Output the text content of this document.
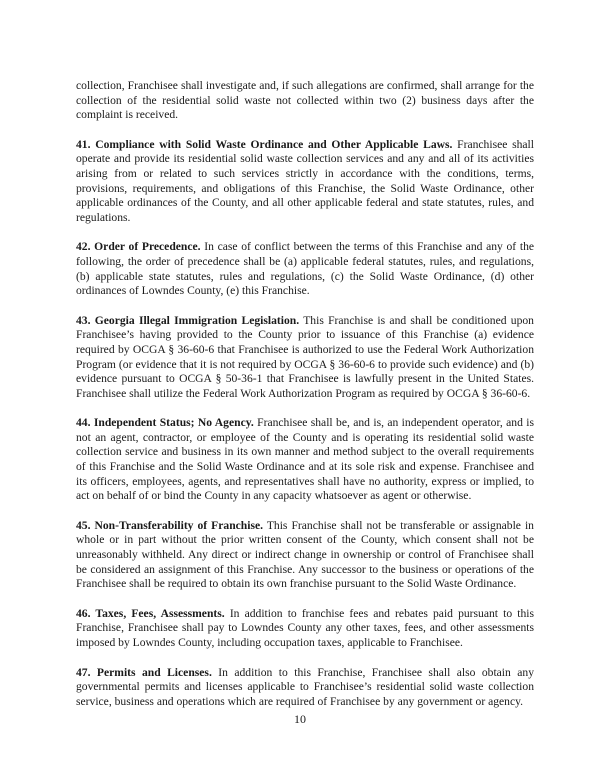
collection, Franchisee shall investigate and, if such allegations are confirmed, shall arrange for the collection of the residential solid waste not collected within two (2) business days after the complaint is received.

41. Compliance with Solid Waste Ordinance and Other Applicable Laws. Franchisee shall operate and provide its residential solid waste collection services and any and all of its activities arising from or related to such services strictly in accordance with the conditions, terms, provisions, requirements, and obligations of this Franchise, the Solid Waste Ordinance, other applicable ordinances of the County, and all other applicable federal and state statutes, rules, and regulations.

42. Order of Precedence. In case of conflict between the terms of this Franchise and any of the following, the order of precedence shall be (a) applicable federal statutes, rules, and regulations, (b) applicable state statutes, rules and regulations, (c) the Solid Waste Ordinance, (d) other ordinances of Lowndes County, (e) this Franchise.

43. Georgia Illegal Immigration Legislation. This Franchise is and shall be conditioned upon Franchisee’s having provided to the County prior to issuance of this Franchise (a) evidence required by OCGA § 36-60-6 that Franchisee is authorized to use the Federal Work Authorization Program (or evidence that it is not required by OCGA § 36-60-6 to provide such evidence) and (b) evidence pursuant to OCGA § 50-36-1 that Franchisee is lawfully present in the United States. Franchisee shall utilize the Federal Work Authorization Program as required by OCGA § 36-60-6.

44. Independent Status; No Agency. Franchisee shall be, and is, an independent operator, and is not an agent, contractor, or employee of the County and is operating its residential solid waste collection service and business in its own manner and method subject to the overall requirements of this Franchise and the Solid Waste Ordinance and at its sole risk and expense. Franchisee and its officers, employees, agents, and representatives shall have no authority, express or implied, to act on behalf of or bind the County in any capacity whatsoever as agent or otherwise.

45. Non-Transferability of Franchise. This Franchise shall not be transferable or assignable in whole or in part without the prior written consent of the County, which consent shall not be unreasonably withheld. Any direct or indirect change in ownership or control of Franchisee shall be considered an assignment of this Franchise. Any successor to the business or operations of the Franchisee shall be required to obtain its own franchise pursuant to the Solid Waste Ordinance.

46. Taxes, Fees, Assessments. In addition to franchise fees and rebates paid pursuant to this Franchise, Franchisee shall pay to Lowndes County any other taxes, fees, and other assessments imposed by Lowndes County, including occupation taxes, applicable to Franchisee.

47. Permits and Licenses. In addition to this Franchise, Franchisee shall also obtain any governmental permits and licenses applicable to Franchisee’s residential solid waste collection service, business and operations which are required of Franchisee by any government or agency.

10
